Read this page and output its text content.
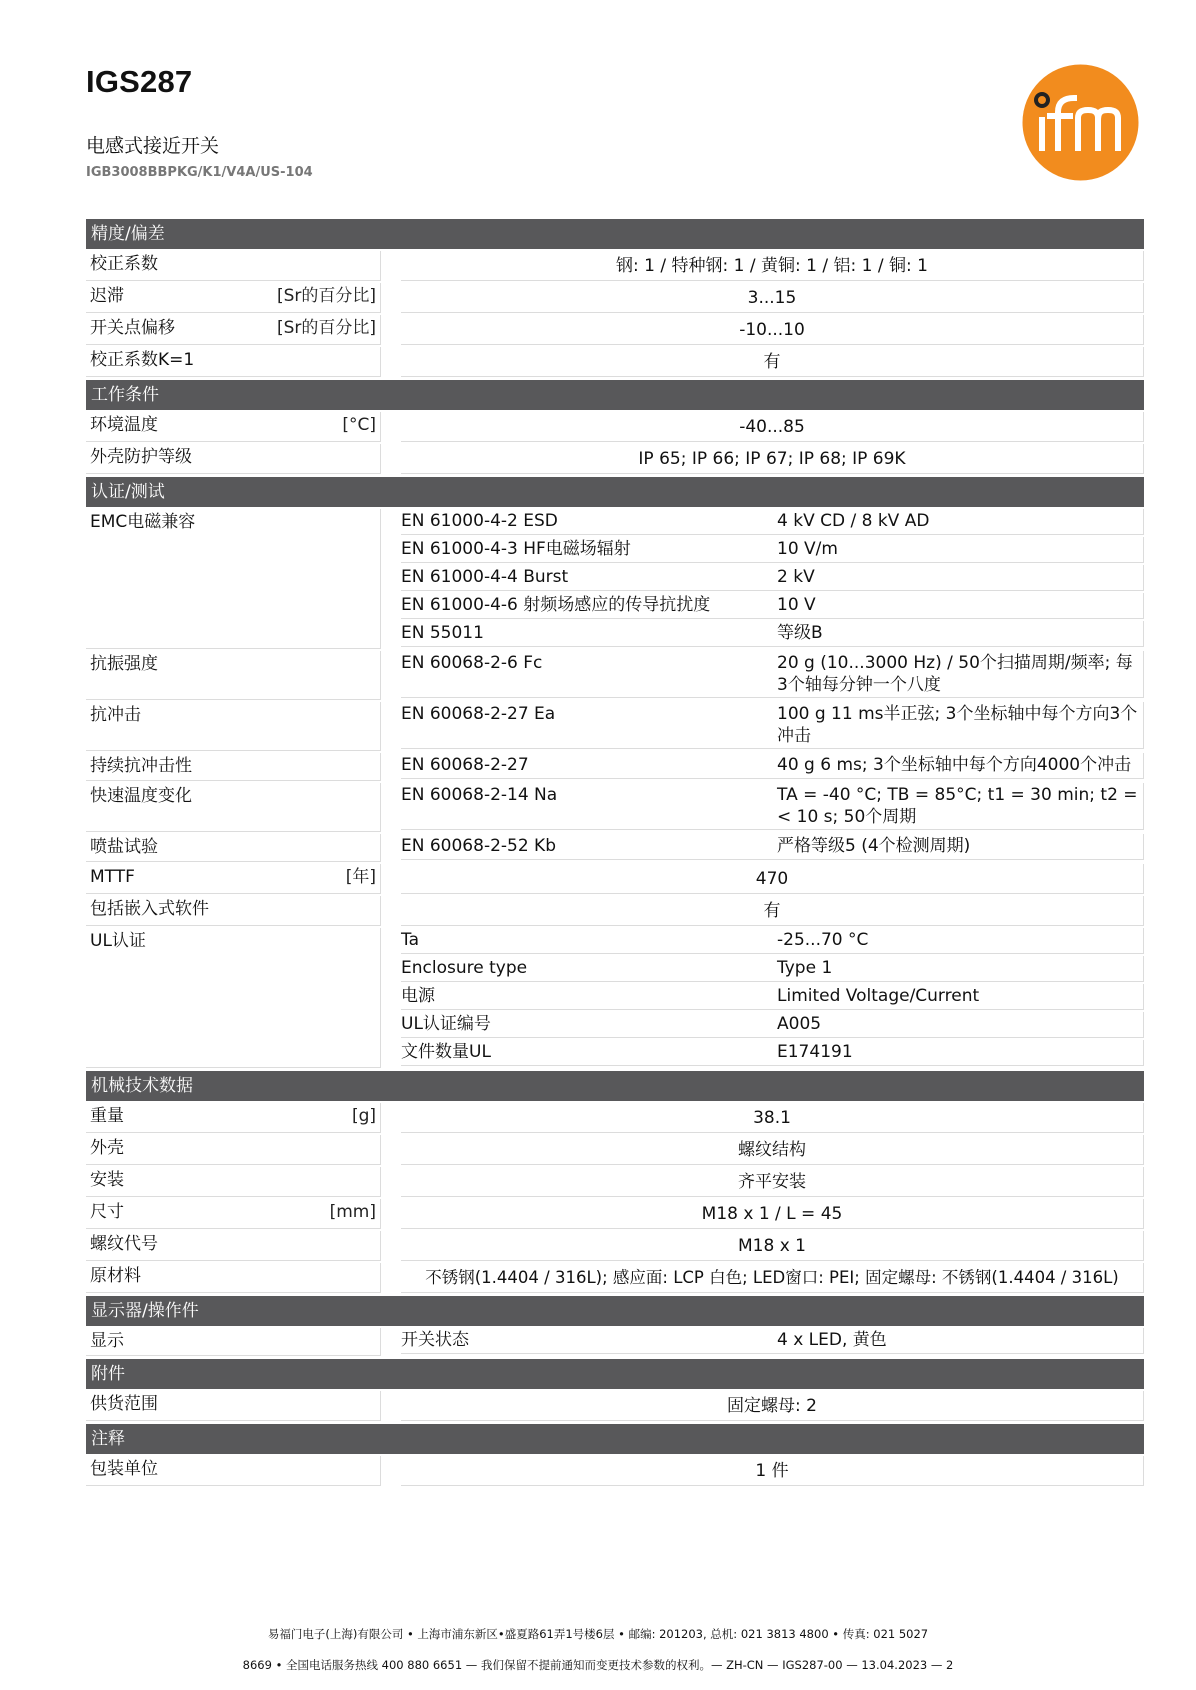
IGS287
电感式接近开关
IGB3008BBPKG/K1/V4A/US-104
精度/偏差
校正系数	钢: 1 / 特种钢: 1 / 黄铜: 1 / 铝: 1 / 铜: 1
迟滞	[Sr的百分比]	3...15
开关点偏移	[Sr的百分比]	-10...10
校正系数K=1	有
工作条件
环境温度	[°C]	-40...85
外壳防护等级	IP 65; IP 66; IP 67; IP 68; IP 69K
认证/测试
EMC电磁兼容	EN 61000-4-2 ESD	4 kV CD / 8 kV AD
EN 61000-4-3 HF电磁场辐射	10 V/m
EN 61000-4-4 Burst	2 kV
EN 61000-4-6 射频场感应的传导抗扰度	10 V
EN 55011	等级B
抗振强度	EN 60068-2-6 Fc	20 g (10...3000 Hz) / 50个扫描周期/频率; 每3个轴每分钟一个八度
抗冲击	EN 60068-2-27 Ea	100 g 11 ms半正弦; 3个坐标轴中每个方向3个冲击
持续抗冲击性	EN 60068-2-27	40 g 6 ms; 3个坐标轴中每个方向4000个冲击
快速温度变化	EN 60068-2-14 Na	TA = -40 °C; TB = 85°C; t1 = 30 min; t2 = < 10 s; 50个周期
喷盐试验	EN 60068-2-52 Kb	严格等级5 (4个检测周期)
MTTF	[年]	470
包括嵌入式软件	有
UL认证	Ta	-25...70 °C
Enclosure type	Type 1
电源	Limited Voltage/Current
UL认证编号	A005
文件数量UL	E174191
机械技术数据
重量	[g]	38.1
外壳	螺纹结构
安装	齐平安装
尺寸	[mm]	M18 x 1 / L = 45
螺纹代号	M18 x 1
原材料	不锈钢(1.4404 / 316L); 感应面: LCP 白色; LED窗口: PEI; 固定螺母: 不锈钢(1.4404 / 316L)
显示器/操作件
显示	开关状态	4 x LED, 黄色
附件
供货范围	固定螺母: 2
注释
包装单位	1 件
易福门电子(上海)有限公司 • 上海市浦东新区•盛夏路61弄1号楼6层 • 邮编: 201203, 总机: 021 3813 4800 • 传真: 021 5027
8669 • 全国电话服务热线 400 880 6651 — 我们保留不提前通知而变更技术参数的权利。— ZH-CN — IGS287-00 — 13.04.2023 — 2
